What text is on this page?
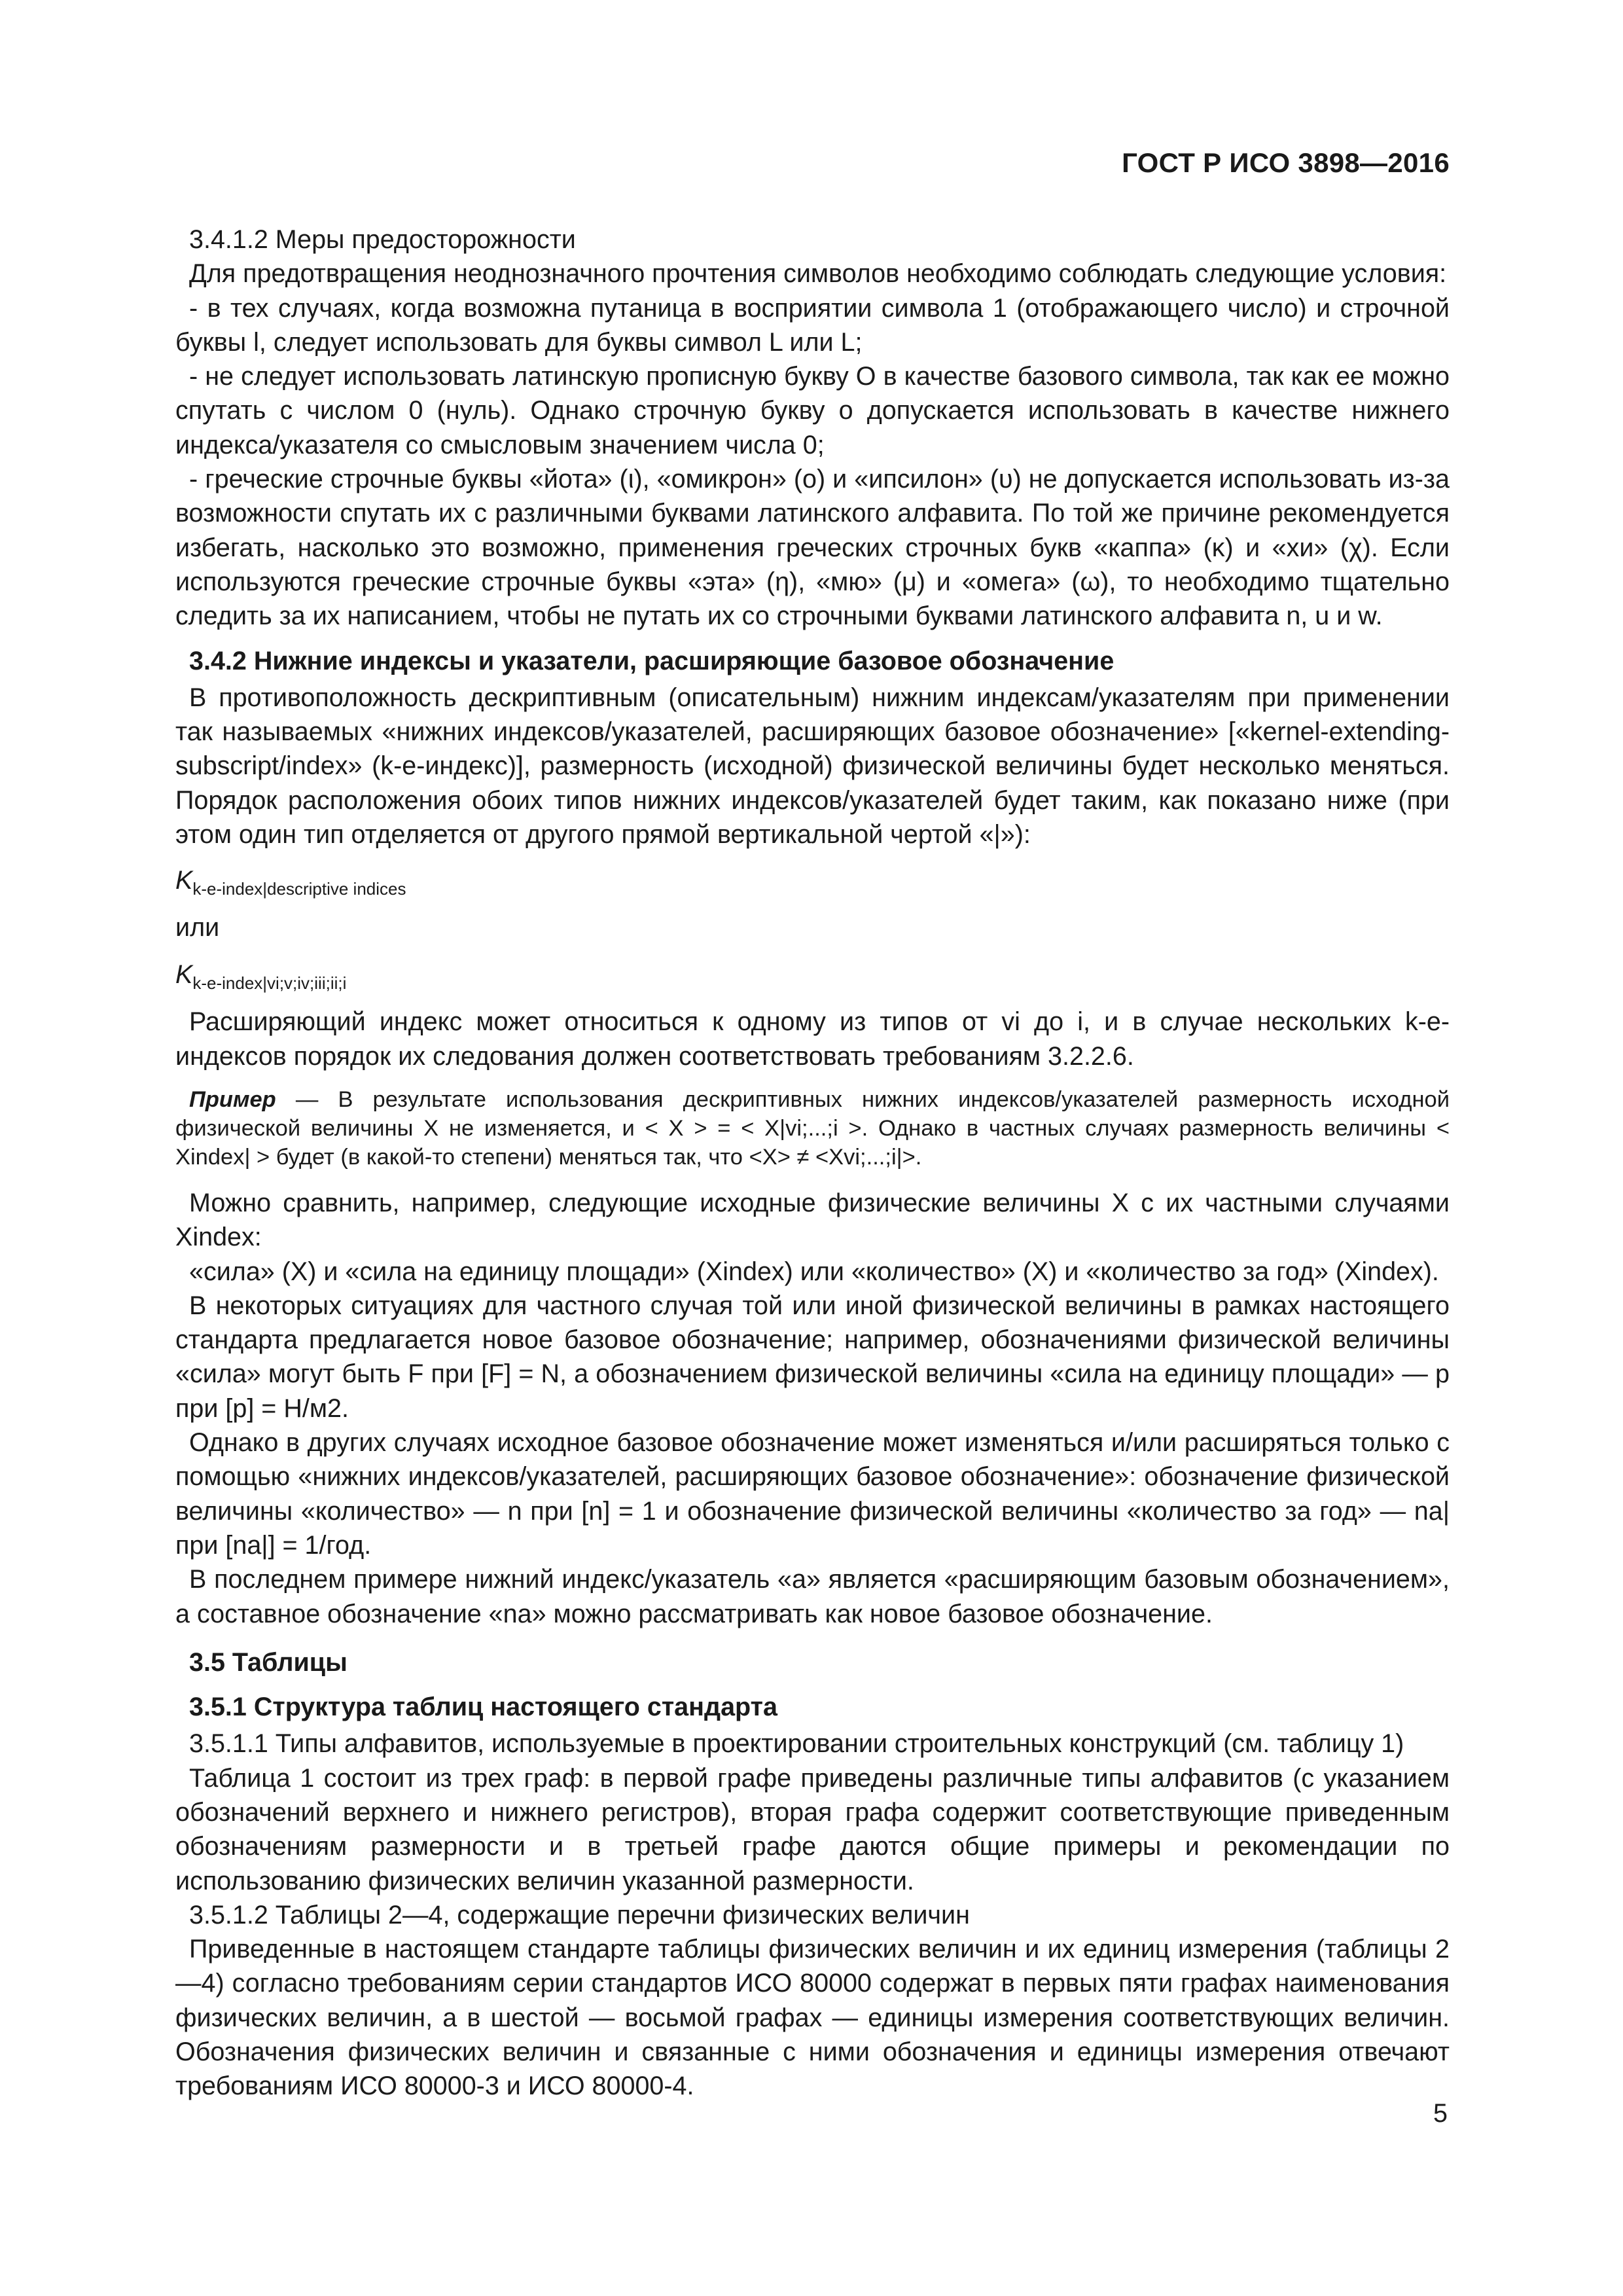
ГОСТ Р ИСО 3898—2016

3.4.1.2 Меры предосторожности

Для предотвращения неоднозначного прочтения символов необходимо соблюдать следующие условия:

- в тех случаях, когда возможна путаница в восприятии символа 1 (отображающего число) и строчной буквы l, следует использовать для буквы символ L или L;

- не следует использовать латинскую прописную букву O в качестве базового символа, так как ее можно спутать с числом 0 (нуль). Однако строчную букву o допускается использовать в качестве нижнего индекса/указателя со смысловым значением числа 0;

- греческие строчные буквы «йота» (ι), «омикрон» (ο) и «ипсилон» (υ) не допускается использовать из-за возможности спутать их с различными буквами латинского алфавита. По той же причине рекомендуется избегать, насколько это возможно, применения греческих строчных букв «каппа» (κ) и «хи» (χ). Если используются греческие строчные буквы «эта» (η), «мю» (μ) и «омега» (ω), то необходимо тщательно следить за их написанием, чтобы не путать их со строчными буквами латинского алфавита n, u и w.

3.4.2 Нижние индексы и указатели, расширяющие базовое обозначение

В противоположность дескриптивным (описательным) нижним индексам/указателям при применении так называемых «нижних индексов/указателей, расширяющих базовое обозначение» [«kernel-extending-subscript/index» (k-e-индекс)], размерность (исходной) физической величины будет несколько меняться. Порядок расположения обоих типов нижних индексов/указателей будет таким, как показано ниже (при этом один тип отделяется от другого прямой вертикальной чертой «|»):

$K_{k-e-index|descriptive indices}$
или
$K_{k-e-index|vi;v;iv;iii;ii;i}$

Расширяющий индекс может относиться к одному из типов от vi до i, и в случае нескольких k-e-индексов порядок их следования должен соответствовать требованиям 3.2.2.6.

Пример — В результате использования дескриптивных нижних индексов/указателей размерность исходной физической величины X не изменяется, и < X > = < X|vi;...;i >. Однако в частных случаях размерность величины < Xindex| > будет (в какой-то степени) меняться так, что <X> ≠ <Xvi;...;i|>.

Можно сравнить, например, следующие исходные физические величины X с их частными случаями Xindex:

«сила» (X) и «сила на единицу площади» (Xindex) или «количество» (X) и «количество за год» (Xindex).

В некоторых ситуациях для частного случая той или иной физической величины в рамках настоящего стандарта предлагается новое базовое обозначение; например, обозначениями физической величины «сила» могут быть F при [F] = N, а обозначением физической величины «сила на единицу площади» — p при [p] = Н/м2.

Однако в других случаях исходное базовое обозначение может изменяться и/или расширяться только с помощью «нижних индексов/указателей, расширяющих базовое обозначение»: обозначение физической величины «количество» — n при [n] = 1 и обозначение физической величины «количество за год» — na| при [na|] = 1/год.

В последнем примере нижний индекс/указатель «a» является «расширяющим базовым обозначением», а составное обозначение «na» можно рассматривать как новое базовое обозначение.

3.5 Таблицы

3.5.1 Структура таблиц настоящего стандарта

3.5.1.1 Типы алфавитов, используемые в проектировании строительных конструкций (см. таблицу 1)

Таблица 1 состоит из трех граф: в первой графе приведены различные типы алфавитов (с указанием обозначений верхнего и нижнего регистров), вторая графа содержит соответствующие приведенным обозначениям размерности и в третьей графе даются общие примеры и рекомендации по использованию физических величин указанной размерности.

3.5.1.2 Таблицы 2—4, содержащие перечни физических величин

Приведенные в настоящем стандарте таблицы физических величин и их единиц измерения (таблицы 2—4) согласно требованиям серии стандартов ИСО 80000 содержат в первых пяти графах наименования физических величин, а в шестой — восьмой графах — единицы измерения соответствующих величин. Обозначения физических величин и связанные с ними обозначения и единицы измерения отвечают требованиям ИСО 80000-3 и ИСО 80000-4.

5
